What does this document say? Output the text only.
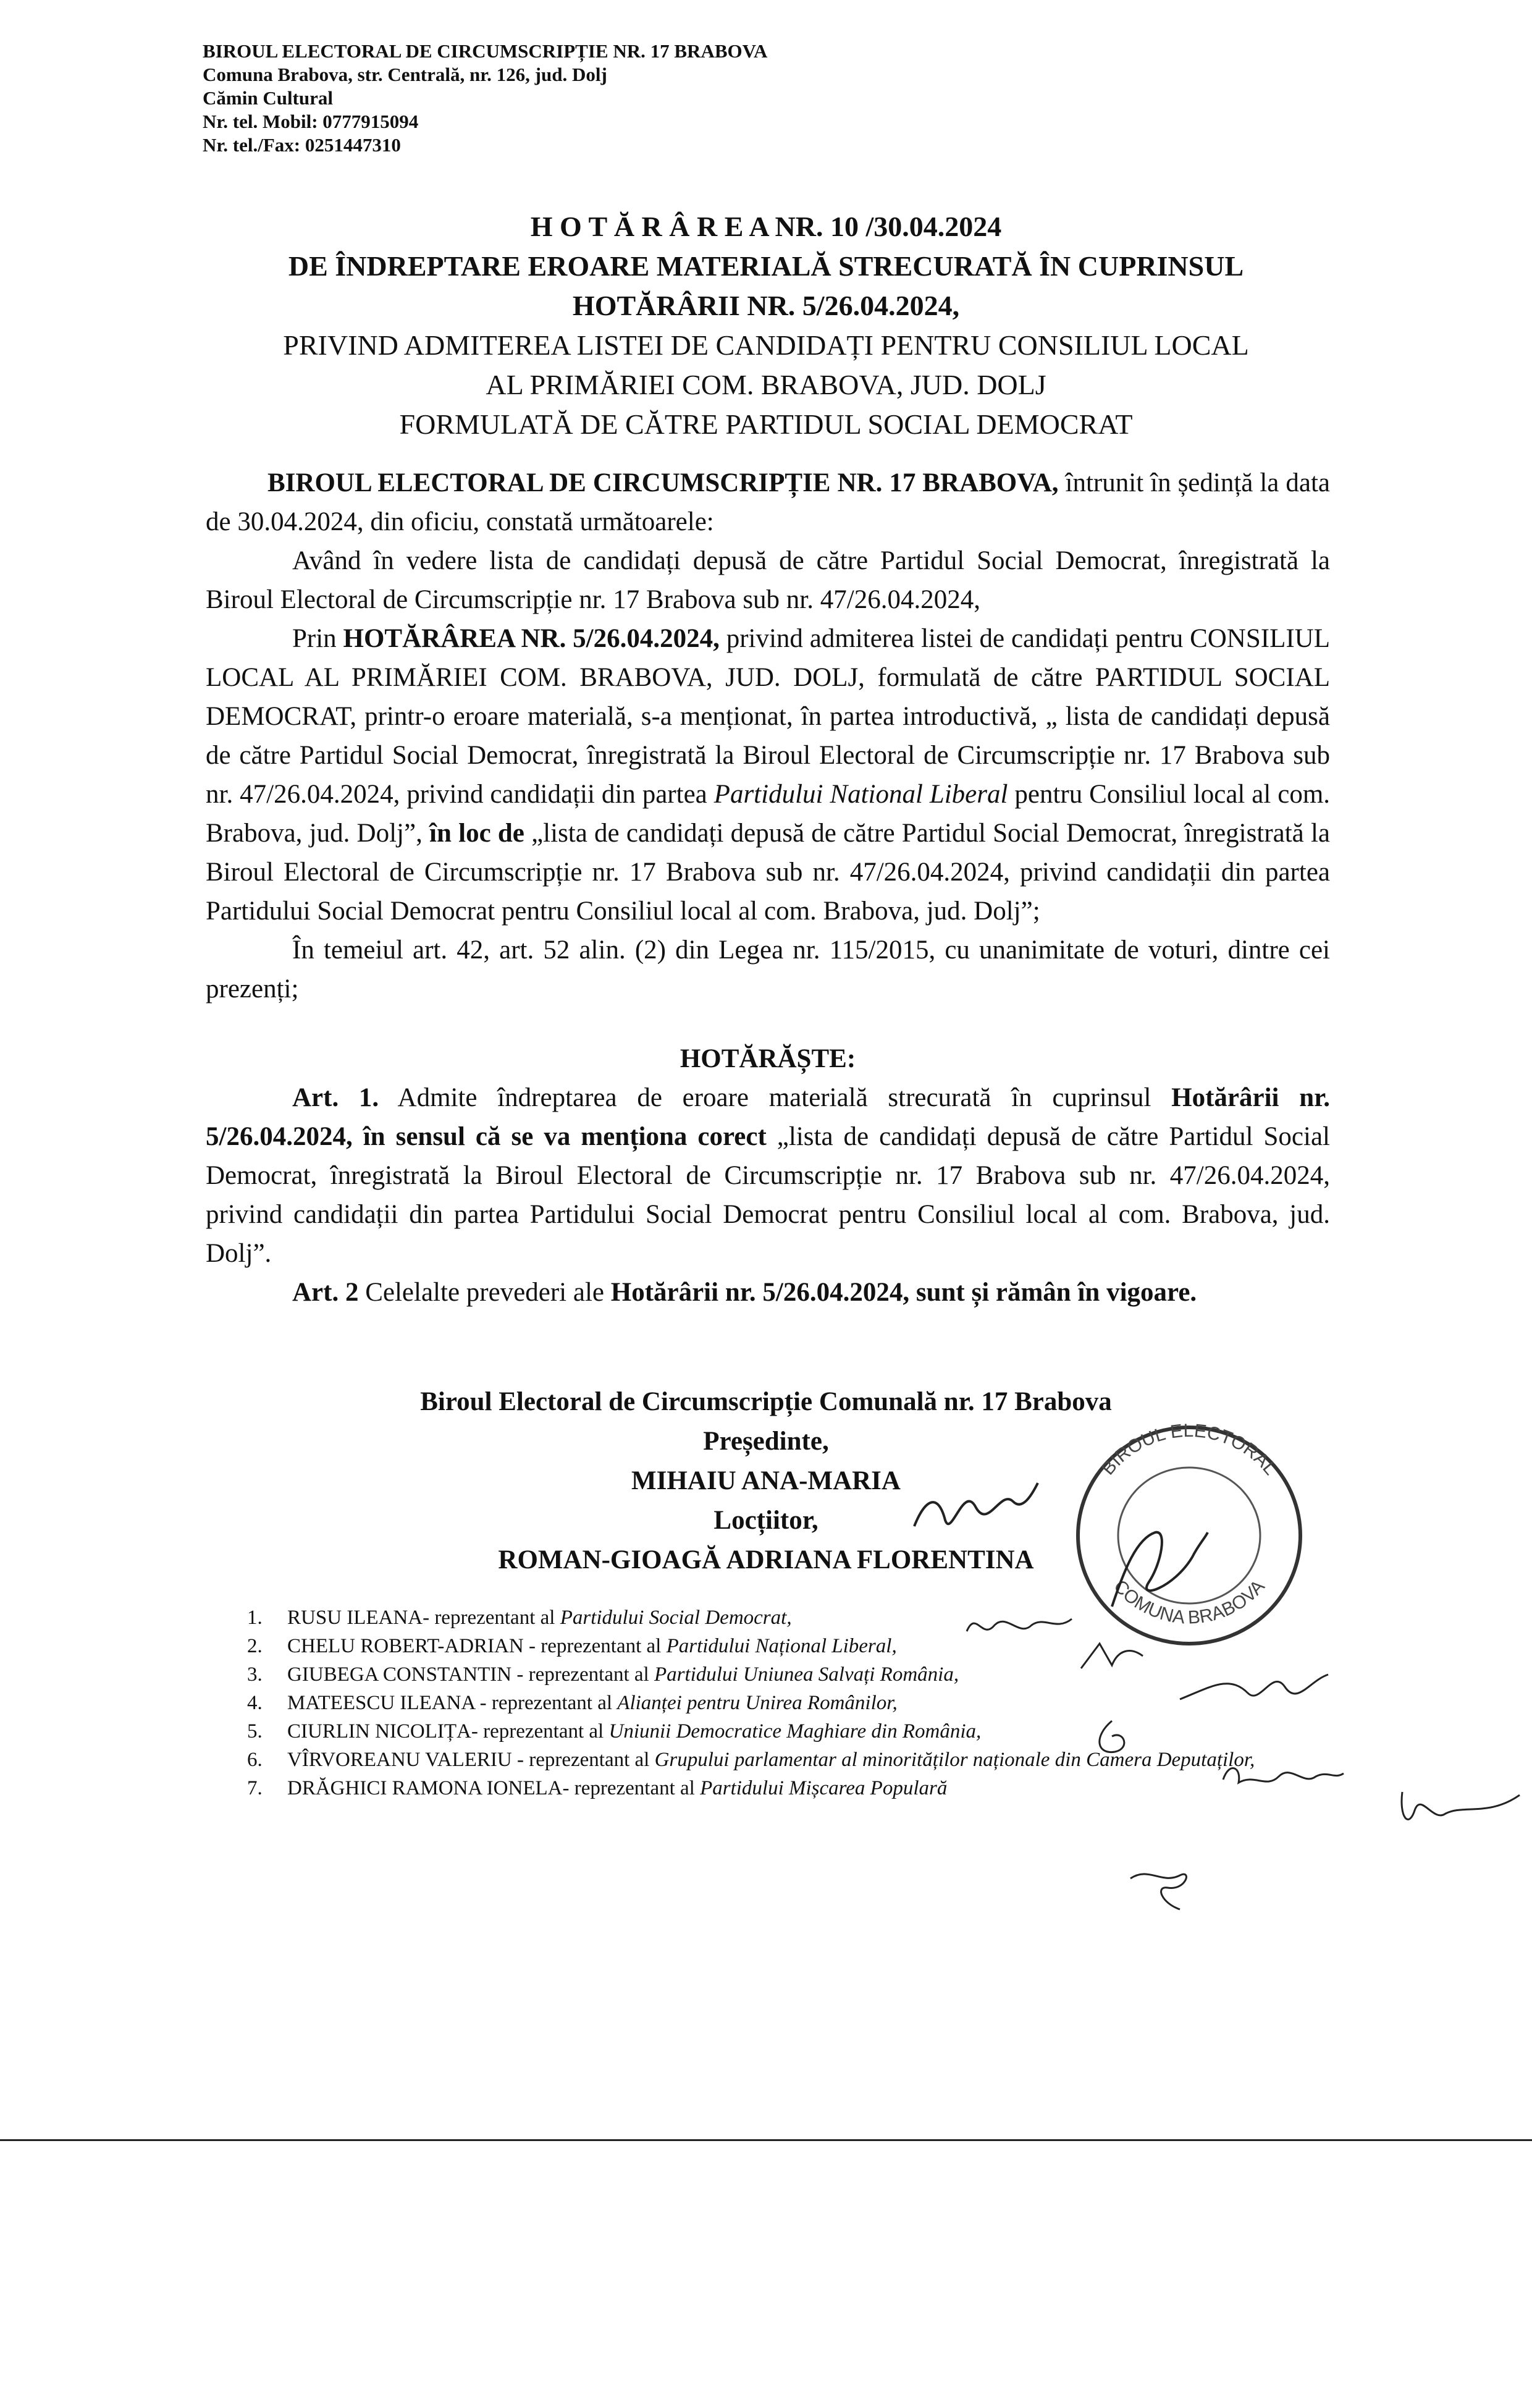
BIROUL ELECTORAL DE CIRCUMSCRIPȚIE NR. 17 BRABOVA
Comuna Brabova, str. Centrală, nr. 126, jud. Dolj
Cămin Cultural
Nr. tel. Mobil: 0777915094
Nr. tel./Fax: 0251447310
H O T Ă R Â R E A NR. 10 /30.04.2024
DE ÎNDREPTARE EROARE MATERIALĂ STRECURATĂ ÎN CUPRINSUL
HOTĂRÂRII NR. 5/26.04.2024,
PRIVIND ADMITEREA LISTEI DE CANDIDAȚI PENTRU CONSILIUL LOCAL
AL PRIMĂRIEI COM. BRABOVA, JUD. DOLJ
FORMULATĂ DE CĂTRE PARTIDUL SOCIAL DEMOCRAT

BIROUL ELECTORAL DE CIRCUMSCRIPȚIE NR. 17 BRABOVA, întrunit în ședință la data de 30.04.2024, din oficiu, constată următoarele:

Având în vedere lista de candidați depusă de către Partidul Social Democrat, înregistrată la Biroul Electoral de Circumscripție nr. 17 Brabova sub nr. 47/26.04.2024,

Prin HOTĂRÂREA NR. 5/26.04.2024, privind admiterea listei de candidați pentru CONSILIUL LOCAL AL PRIMĂRIEI COM. BRABOVA, JUD. DOLJ, formulată de către PARTIDUL SOCIAL DEMOCRAT, printr-o eroare materială, s-a menționat, în partea introductivă, „ lista de candidați depusă de către Partidul Social Democrat, înregistrată la Biroul Electoral de Circumscripție nr. 17 Brabova sub nr. 47/26.04.2024, privind candidații din partea Partidului National Liberal pentru Consiliul local al com. Brabova, jud. Dolj”, în loc de „lista de candidați depusă de către Partidul Social Democrat, înregistrată la Biroul Electoral de Circumscripție nr. 17 Brabova sub nr. 47/26.04.2024, privind candidații din partea Partidului Social Democrat pentru Consiliul local al com. Brabova, jud. Dolj”;

În temeiul art. 42, art. 52 alin. (2) din Legea nr. 115/2015, cu unanimitate de voturi, dintre cei prezenți;

HOTĂRĂȘTE:

Art. 1. Admite îndreptarea de eroare materială strecurată în cuprinsul Hotărârii nr. 5/26.04.2024, în sensul că se va menționa corect „lista de candidați depusă de către Partidul Social Democrat, înregistrată la Biroul Electoral de Circumscripție nr. 17 Brabova sub nr. 47/26.04.2024, privind candidații din partea Partidului Social Democrat pentru Consiliul local al com. Brabova, jud. Dolj”.

Art. 2 Celelalte prevederi ale Hotărârii nr. 5/26.04.2024, sunt și rămân în vigoare.

Biroul Electoral de Circumscripție Comunală nr. 17 Brabova
Președinte,
MIHAIU ANA-MARIA
Locțiitor,
ROMAN-GIOAGĂ ADRIANA FLORENTINA
BIROUL ELECTORAL
COMUNA BRABOVA
1.	RUSU ILEANA- reprezentant al Partidului Social Democrat,
2.	CHELU ROBERT-ADRIAN - reprezentant al Partidului Național Liberal,
3.	GIUBEGA CONSTANTIN - reprezentant al Partidului Uniunea Salvați România,
4.	MATEESCU ILEANA - reprezentant al Alianței pentru Unirea Românilor,
5.	CIURLIN NICOLIȚA- reprezentant al Uniunii Democratice Maghiare din România,
6.	VÎRVOREANU VALERIU - reprezentant al Grupului parlamentar al minorităților naționale din Camera Deputaților,
7.	DRĂGHICI RAMONA IONELA- reprezentant al Partidului Mișcarea Populară
